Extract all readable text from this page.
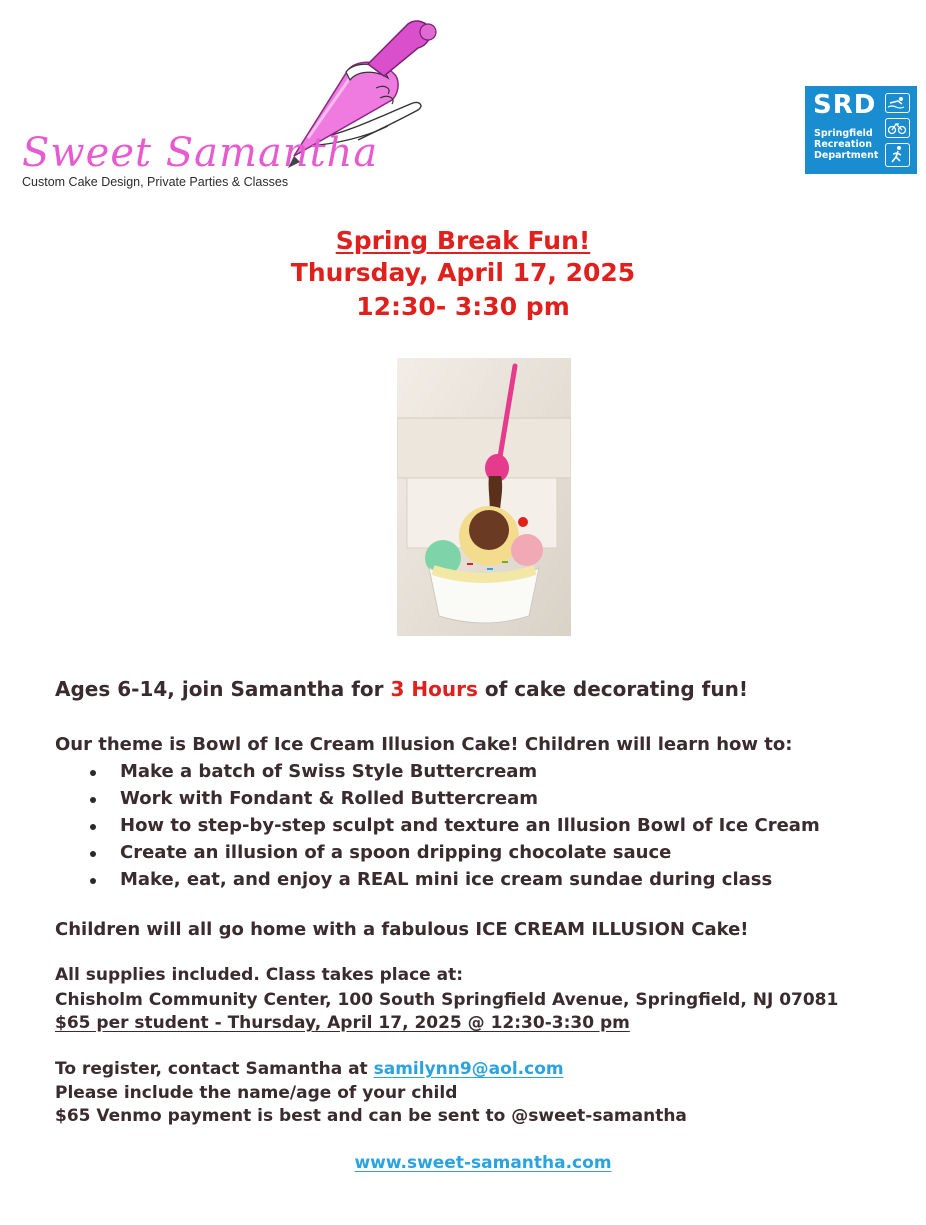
Sweet Samantha
Custom Cake Design, Private Parties & Classes
SRD
Springfield
Recreation
Department
Spring Break Fun!
Thursday, April 17, 2025
12:30- 3:30 pm
Ages 6-14, join Samantha for 3 Hours of cake decorating fun!
Our theme is Bowl of Ice Cream Illusion Cake! Children will learn how to:
Make a batch of Swiss Style Buttercream
Work with Fondant & Rolled Buttercream
How to step-by-step sculpt and texture an Illusion Bowl of Ice Cream
Create an illusion of a spoon dripping chocolate sauce
Make, eat, and enjoy a REAL mini ice cream sundae during class
Children will all go home with a fabulous ICE CREAM ILLUSION Cake!
All supplies included. Class takes place at:
Chisholm Community Center, 100 South Springfield Avenue, Springfield, NJ 07081
$65 per student - Thursday, April 17, 2025 @ 12:30-3:30 pm
To register, contact Samantha at samilynn9@aol.com
Please include the name/age of your child
$65 Venmo payment is best and can be sent to @sweet-samantha
www.sweet-samantha.com
